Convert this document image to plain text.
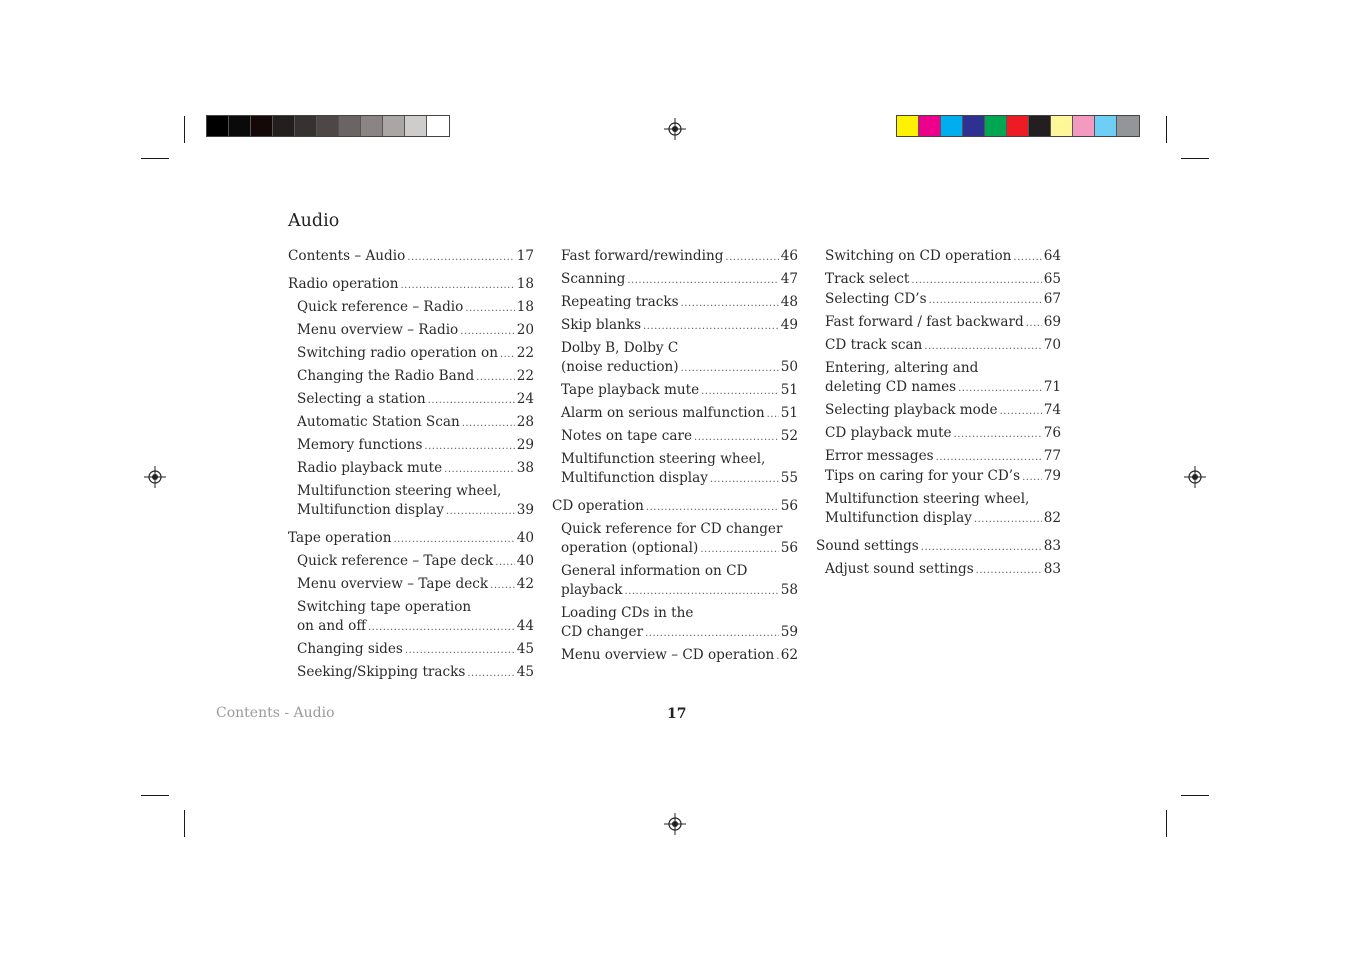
Audio
Contents – Audio .....	17
Radio operation .....	18
Quick reference – Radio .....	18
Menu overview – Radio .....	20
Switching radio operation on ..... 22
Changing the Radio Band .....	22
Selecting a station .....	24
Automatic Station Scan .....	28
Memory functions .....	29
Radio playback mute .....	38
Multifunction steering wheel,
Multifunction display .....	39
Tape operation .....	40
Quick reference – Tape deck ..... 40
Menu overview – Tape deck ..... 42
Switching tape operation
on and off .....	44
Changing sides .....	45
Seeking/Skipping tracks .....	45
Fast forward/rewinding .....	46
Scanning .....	47
Repeating tracks .....	48
Skip blanks .....	49
Dolby B, Dolby C
(noise reduction) .....	50
Tape playback mute .....	51
Alarm on serious malfunction ..... 51
Notes on tape care .....	52
Multifunction steering wheel,
Multifunction display .....	55
CD operation .....	56
Quick reference for CD changer
operation (optional) .....	56
General information on CD
playback .....	58
Loading CDs in the
CD changer .....	59
Menu overview – CD operation ..... 62
Switching on CD operation ..... 64
Track select .....	65
Selecting CD’s .....	67
Fast forward / fast backward ..... 69
CD track scan .....	70
Entering, altering and
deleting CD names .....	71
Selecting playback mode .....	74
CD playback mute .....	76
Error messages .....	77
Tips on caring for your CD’s ..... 79
Multifunction steering wheel,
Multifunction display .....	82
Sound settings .....	83
Adjust sound settings .....	83
Contents - Audio	17
